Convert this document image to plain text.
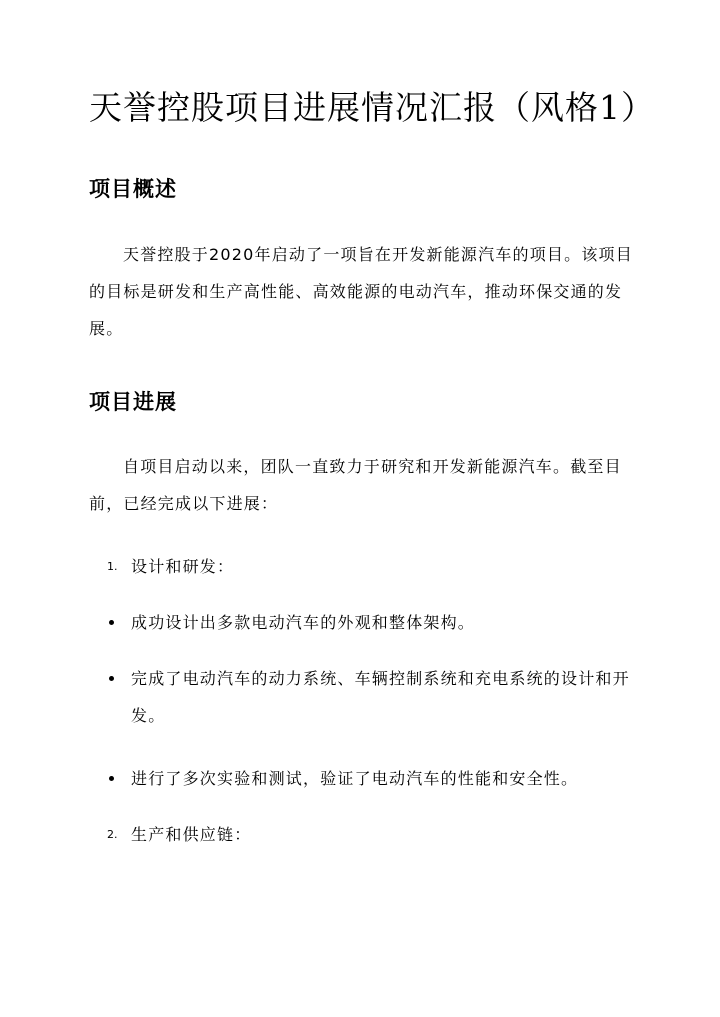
天誉控股项目进展情况汇报（风格1）
项目概述

天誉控股于2020年启动了一项旨在开发新能源汽车的项目。该项目的目标是研发和生产高性能、高效能源的电动汽车，推动环保交通的发展。

项目进展

自项目启动以来，团队一直致力于研究和开发新能源汽车。截至目前，已经完成以下进展：

1. 设计和研发：
成功设计出多款电动汽车的外观和整体架构。
完成了电动汽车的动力系统、车辆控制系统和充电系统的设计和开发。
进行了多次实验和测试，验证了电动汽车的性能和安全性。
2. 生产和供应链：
